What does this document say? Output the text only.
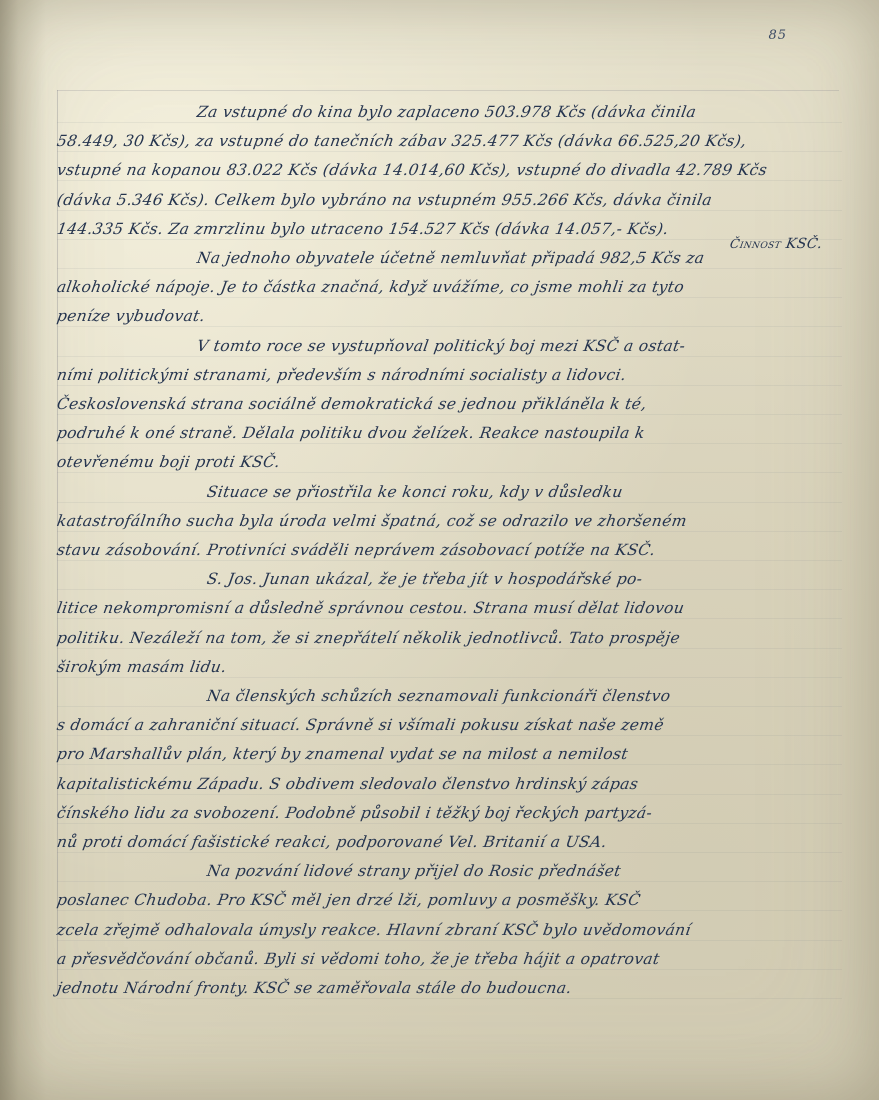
85
Za vstupné do kina bylo zaplaceno 503.978 Kčs (dávka činila
58.449, 30 Kčs), za vstupné do tanečních zábav 325.477 Kčs (dávka 66.525,20 Kčs),
vstupné na kopanou 83.022 Kčs (dávka 14.014,60 Kčs), vstupné do divadla 42.789 Kčs
(dávka 5.346 Kčs). Celkem bylo vybráno na vstupném 955.266 Kčs, dávka činila
144.335 Kčs. Za zmrzlinu bylo utraceno 154.527 Kčs (dávka 14.057,- Kčs).
Na jednoho obyvatele účetně nemluvňat připadá 982,5 Kčs za
alkoholické nápoje. Je to částka značná, když uvážíme, co jsme mohli za tyto
peníze vybudovat.
V tomto roce se vystupňoval politický boj mezi KSČ a ostat-
ními politickými stranami, především s národními socialisty a lidovci.
Československá strana sociálně demokratická se jednou přikláněla k té,
podruhé k oné straně. Dělala politiku dvou želízek. Reakce nastoupila k
otevřenému boji proti KSČ.
Situace se přiostřila ke konci roku, kdy v důsledku
katastrofálního sucha byla úroda velmi špatná, což se odrazilo ve zhoršeném
stavu zásobování. Protivníci sváděli neprávem zásobovací potíže na KSČ.
S. Jos. Junan ukázal, že je třeba jít v hospodářské po-
litice nekompromisní a důsledně správnou cestou. Strana musí dělat lidovou
politiku. Nezáleží na tom, že si znepřátelí několik jednotlivců. Tato prospěje
širokým masám lidu.
Na členských schůzích seznamovali funkcionáři členstvo
s domácí a zahraniční situací. Správně si všímali pokusu získat naše země
pro Marshallův plán, který by znamenal vydat se na milost a nemilost
kapitalistickému Západu. S obdivem sledovalo členstvo hrdinský zápas
čínského lidu za svobození. Podobně působil i těžký boj řeckých partyzá-
nů proti domácí fašistické reakci, podporované Vel. Britanií a USA.
Na pozvání lidové strany přijel do Rosic přednášet
poslanec Chudoba. Pro KSČ měl jen drzé lži, pomluvy a posměšky. KSČ
zcela zřejmě odhalovala úmysly reakce. Hlavní zbraní KSČ bylo uvědomování
a přesvědčování občanů. Byli si vědomi toho, že je třeba hájit a opatrovat
jednotu Národní fronty. KSČ se zaměřovala stále do budoucna.
Činnost KSČ.
